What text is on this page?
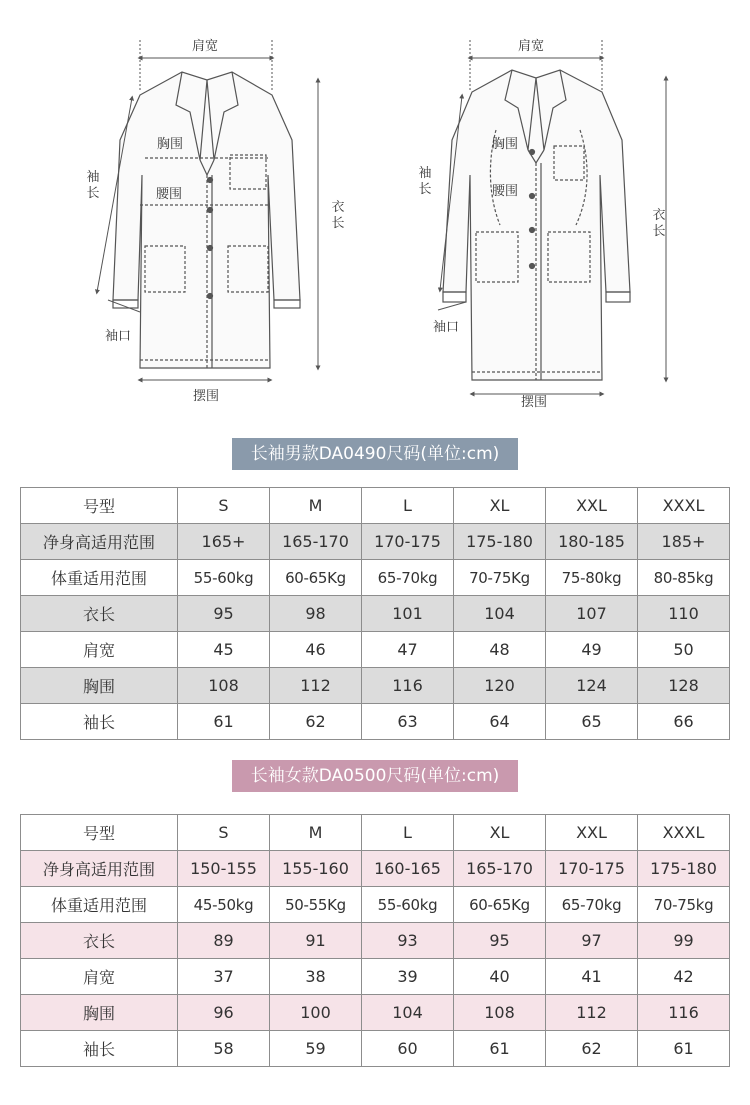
肩宽
胸围
腰围
袖长
衣长
袖口
摆围
肩宽
胸围
腰围
袖长
衣长
袖口
摆围
长袖男款DA0490尺码(单位:cm)
号型	S	M	L	XL	XXL	XXXL
净身高适用范围	165+	165-170	170-175	175-180	180-185	185+
体重适用范围	55-60kg	60-65Kg	65-70kg	70-75Kg	75-80kg	80-85kg
衣长	95	98	101	104	107	110
肩宽	45	46	47	48	49	50
胸围	108	112	116	120	124	128
袖长	61	62	63	64	65	66
长袖女款DA0500尺码(单位:cm)
号型	S	M	L	XL	XXL	XXXL
净身高适用范围	150-155	155-160	160-165	165-170	170-175	175-180
体重适用范围	45-50kg	50-55Kg	55-60kg	60-65Kg	65-70kg	70-75kg
衣长	89	91	93	95	97	99
肩宽	37	38	39	40	41	42
胸围	96	100	104	108	112	116
袖长	58	59	60	61	62	61
